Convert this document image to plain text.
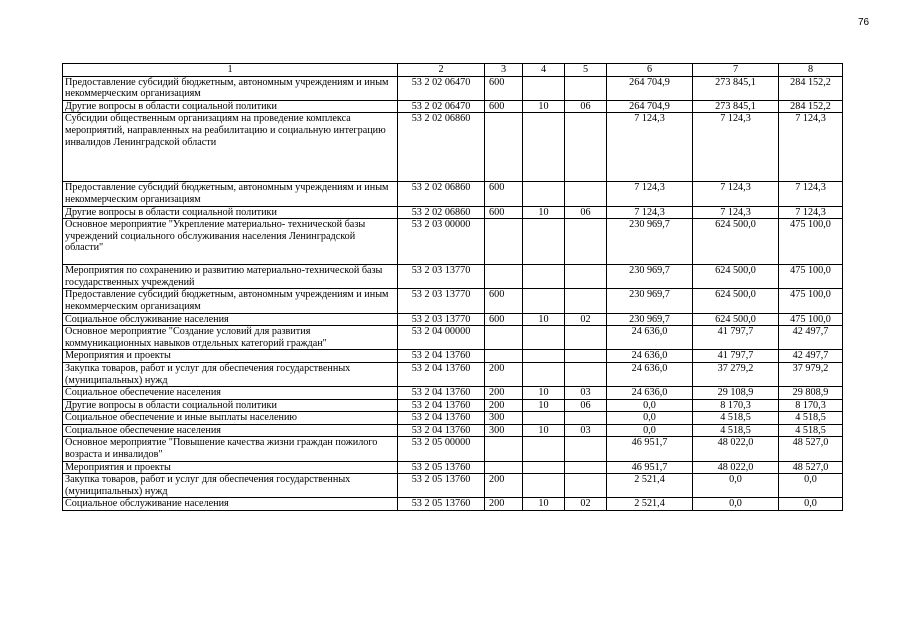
76
1	2	3	4	5	6	7	8
Предоставление субсидий бюджетным, автономным учреждениям и иным некоммерческим организациям	53 2 02 06470	600			264 704,9	273 845,1	284 152,2
Другие вопросы в области социальной политики	53 2 02 06470	600	10	06	264 704,9	273 845,1	284 152,2
Субсидии общественным организациям на проведение комплекса мероприятий, направленных на реабилитацию и социальную интеграцию инвалидов Ленинградской области	53 2 02 06860				7 124,3	7 124,3	7 124,3
Предоставление субсидий бюджетным, автономным учреждениям и иным некоммерческим организациям	53 2 02 06860	600			7 124,3	7 124,3	7 124,3
Другие вопросы в области социальной политики	53 2 02 06860	600	10	06	7 124,3	7 124,3	7 124,3
Основное мероприятие "Укрепление материально- технической базы учреждений социального обслуживания населения Ленинградской области"	53 2 03 00000				230 969,7	624 500,0	475 100,0
Мероприятия по сохранению и развитию материально-технической базы государственных учреждений	53 2 03 13770				230 969,7	624 500,0	475 100,0
Предоставление субсидий бюджетным, автономным учреждениям и иным некоммерческим организациям	53 2 03 13770	600			230 969,7	624 500,0	475 100,0
Социальное обслуживание населения	53 2 03 13770	600	10	02	230 969,7	624 500,0	475 100,0
Основное мероприятие "Создание условий для развития коммуникационных навыков отдельных категорий граждан"	53 2 04 00000				24 636,0	41 797,7	42 497,7
Мероприятия и проекты	53 2 04 13760				24 636,0	41 797,7	42 497,7
Закупка товаров, работ и услуг для обеспечения государственных (муниципальных) нужд	53 2 04 13760	200			24 636,0	37 279,2	37 979,2
Социальное обеспечение населения	53 2 04 13760	200	10	03	24 636,0	29 108,9	29 808,9
Другие вопросы в области социальной политики	53 2 04 13760	200	10	06	0,0	8 170,3	8 170,3
Социальное обеспечение и иные выплаты населению	53 2 04 13760	300			0,0	4 518,5	4 518,5
Социальное обеспечение населения	53 2 04 13760	300	10	03	0,0	4 518,5	4 518,5
Основное мероприятие "Повышение качества жизни граждан пожилого возраста и инвалидов"	53 2 05 00000				46 951,7	48 022,0	48 527,0
Мероприятия и проекты	53 2 05 13760				46 951,7	48 022,0	48 527,0
Закупка товаров, работ и услуг для обеспечения государственных (муниципальных) нужд	53 2 05 13760	200			2 521,4	0,0	0,0
Социальное обслуживание населения	53 2 05 13760	200	10	02	2 521,4	0,0	0,0
